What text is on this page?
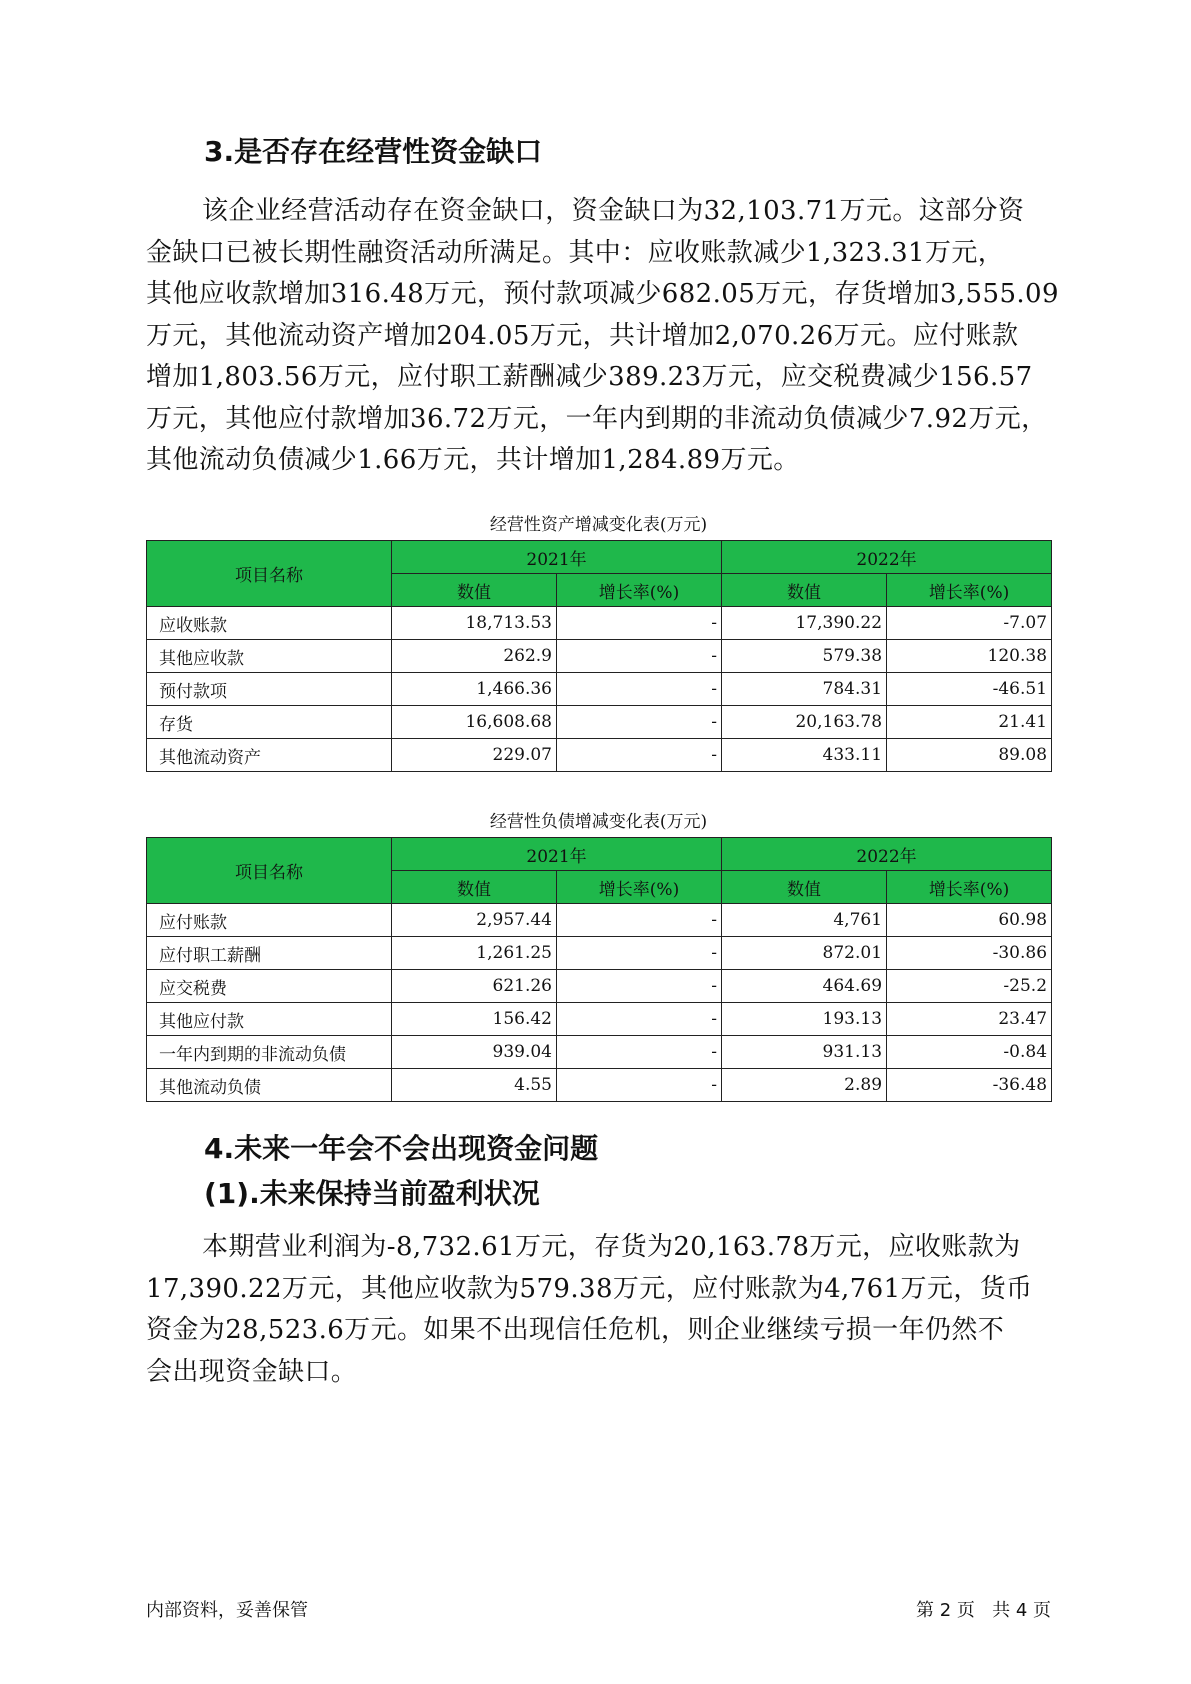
3.是否存在经营性资金缺口
该企业经营活动存在资金缺口，资金缺口为32,103.71万元。这部分资
金缺口已被长期性融资活动所满足。其中：应收账款减少1,323.31万元，
其他应收款增加316.48万元，预付款项减少682.05万元，存货增加3,555.09
万元，其他流动资产增加204.05万元，共计增加2,070.26万元。应付账款
增加1,803.56万元，应付职工薪酬减少389.23万元，应交税费减少156.57
万元，其他应付款增加36.72万元，一年内到期的非流动负债减少7.92万元，
其他流动负债减少1.66万元，共计增加1,284.89万元。

经营性资产增减变化表(万元)

项目名称	2021年		2022年	
	数值	增长率(%)	数值	增长率(%)
应收账款	18,713.53	-	17,390.22	-7.07
其他应收款	262.9	-	579.38	120.38
预付款项	1,466.36	-	784.31	-46.51
存货	16,608.68	-	20,163.78	21.41
其他流动资产	229.07	-	433.11	89.08

经营性负债增减变化表(万元)

项目名称	2021年		2022年	
	数值	增长率(%)	数值	增长率(%)
应付账款	2,957.44	-	4,761	60.98
应付职工薪酬	1,261.25	-	872.01	-30.86
应交税费	621.26	-	464.69	-25.2
其他应付款	156.42	-	193.13	23.47
一年内到期的非流动负债	939.04	-	931.13	-0.84
其他流动负债	4.55	-	2.89	-36.48
4.未来一年会不会出现资金问题
(1).未来保持当前盈利状况
本期营业利润为-8,732.61万元，存货为20,163.78万元，应收账款为
17,390.22万元，其他应收款为579.38万元，应付账款为4,761万元，货币
资金为28,523.6万元。如果不出现信任危机，则企业继续亏损一年仍然不
会出现资金缺口。

内部资料，妥善保管	第 2 页   共 4 页
